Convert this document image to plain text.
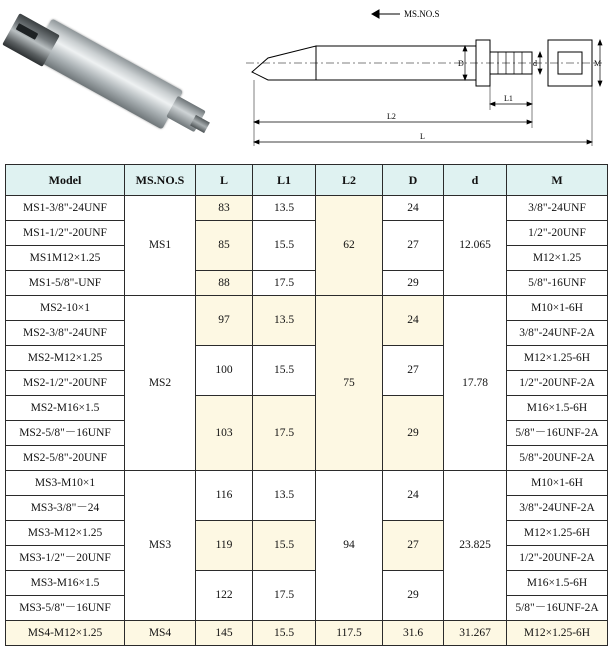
MS.NO.S
D	d	M
L1
L2
L
Model	MS.NO.S	L	L1	L2	D	d	M
MS1-3/8"-24UNF	MS1	83	13.5	62	24	12.065	3/8"-24UNF
MS1-1/2"-20UNF		85	15.5		27		1/2"-20UNF
MS1M12×1.25							M12×1.25
MS1-5/8"-UNF		88	17.5		29		5/8"-16UNF
MS2-10×1	MS2	97	13.5	75	24	17.78	M10×1-6H
MS2-3/8"-24UNF							3/8"-24UNF-2A
MS2-M12×1.25		100	15.5		27		M12×1.25-6H
MS2-1/2"-20UNF							1/2"-20UNF-2A
MS2-M16×1.5		103	17.5		29		M16×1.5-6H
MS2-5/8"－16UNF							5/8"－16UNF-2A
MS2-5/8"-20UNF							5/8"-20UNF-2A
MS3-M10×1	MS3	116	13.5	94	24	23.825	M10×1-6H
MS3-3/8"－24							3/8"-24UNF-2A
MS3-M12×1.25		119	15.5		27		M12×1.25-6H
MS3-1/2"－20UNF							1/2"-20UNF-2A
MS3-M16×1.5		122	17.5		29		M16×1.5-6H
MS3-5/8"－16UNF							5/8"－16UNF-2A
MS4-M12×1.25	MS4	145	15.5	117.5	31.6	31.267	M12×1.25-6H
